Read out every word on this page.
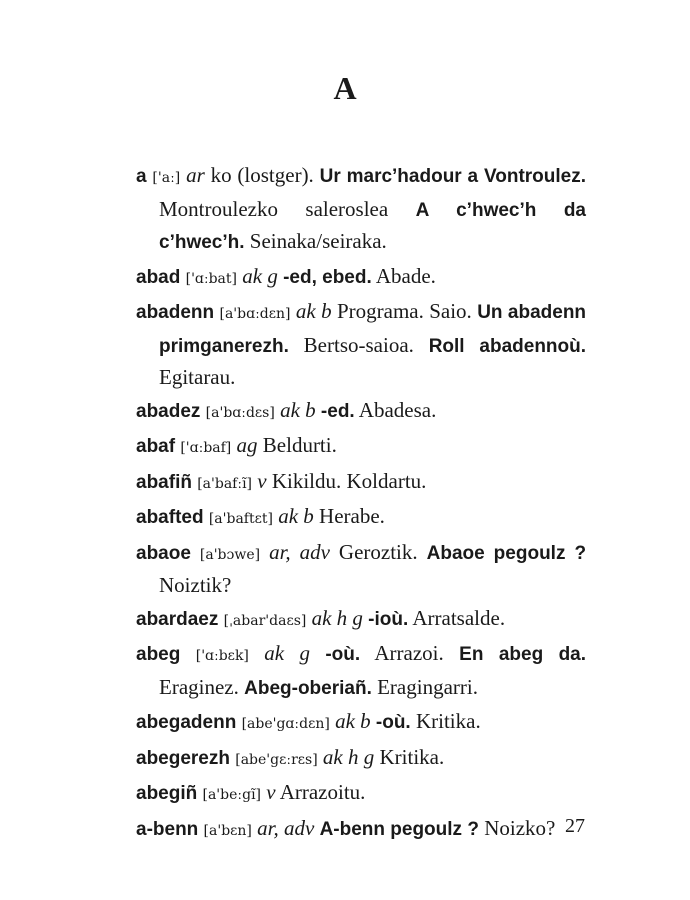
A

a ['aː] ar ko (lostger). Ur marc’hadour a Vontroulez. Montroulezko saleroslea A c’hwec’h da c’hwec’h. Seinaka/seiraka.

abad ['ɑːbat] ak g -ed, ebed. Abade.

abadenn [a'bɑːdɛn] ak b Programa. Saio. Un abadenn primganerezh. Bertso-saioa. Roll abadennoù. Egitarau.

abadez [a'bɑːdɛs] ak b -ed. Abadesa.

abaf ['ɑːbaf] ag Beldurti.

abafiñ [a'bafːĩ] v Kikildu. Koldartu.

abafted [a'baftɛt] ak b Herabe.

abaoe [a'bɔwe] ar, adv Geroztik. Abaoe pegoulz ? Noiztik?

abardaez [ˌabar'daɛs] ak h g -ioù. Arratsalde.

abeg ['ɑːbɛk] ak g -où. Arrazoi. En abeg da. Eraginez. Abeg-oberiañ. Eragingarri.

abegadenn [abe'gɑːdɛn] ak b -où. Kritika.

abegerezh [abe'gɛːrɛs] ak h g Kritika.

abegiñ [a'beːgĩ] v Arrazoitu.

a-benn [a'bɛn] ar, adv A-benn pegoulz ? Noizko? 27
